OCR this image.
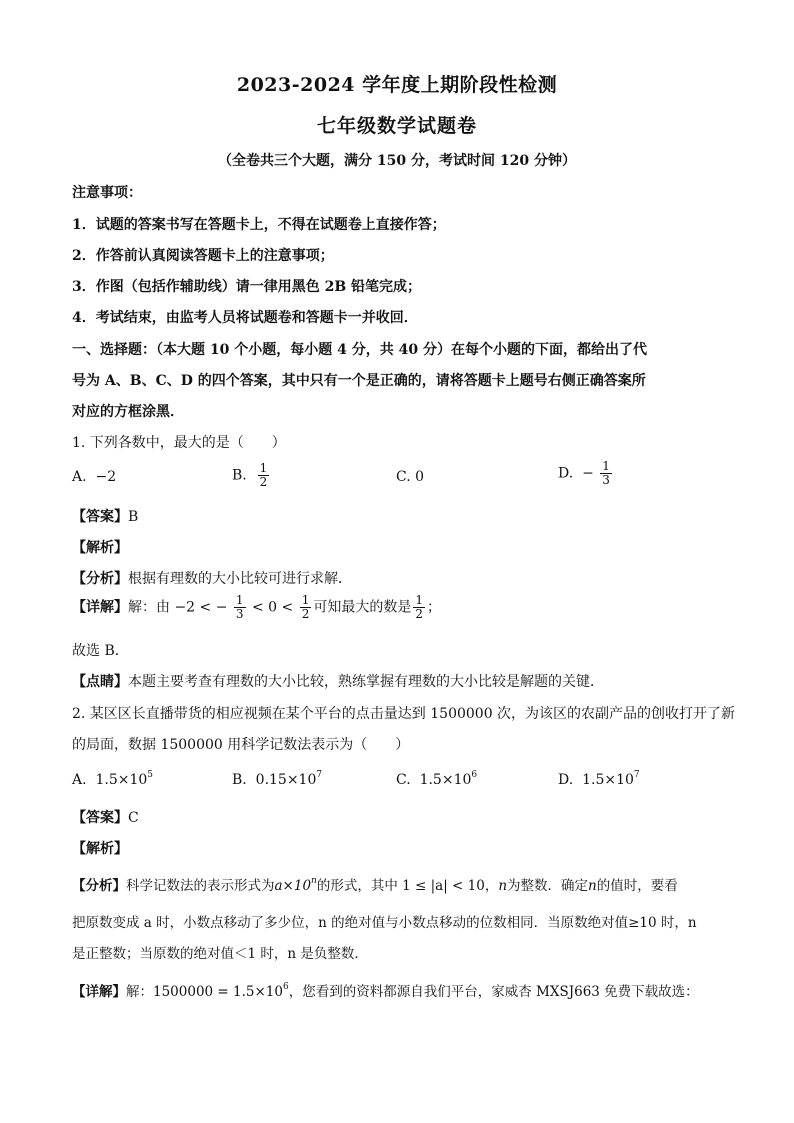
2023-2024 学年度上期阶段性检测
七年级数学试题卷
（全卷共三个大题，满分 150 分，考试时间 120 分钟）
注意事项：
1．试题的答案书写在答题卡上，不得在试题卷上直接作答；
2．作答前认真阅读答题卡上的注意事项；
3．作图（包括作辅助线）请一律用黑色 2B 铅笔完成；
4．考试结束，由监考人员将试题卷和答题卡一并收回．
一、选择题：（本大题 10 个小题，每小题 4 分，共 40 分）在每个小题的下面，都给出了代
号为 A、B、C、D 的四个答案，其中只有一个是正确的，请将答题卡上题号右侧正确答案所
对应的方框涂黑．
1. 下列各数中，最大的是（　　）
A. −2	B. $\frac{1}{2}$	C. 0	D. − $\frac{1}{3}$
【答案】B
【解析】
【分析】根据有理数的大小比较可进行求解．
【详解】解：由 −2 < − $\frac{1}{3} < 0 < \frac{1}{2}$ 可知最大的数是 $\frac{1}{2}$ ；
故选 B．
【点睛】本题主要考查有理数的大小比较，熟练掌握有理数的大小比较是解题的关键．
2. 某区区长直播带货的相应视频在某个平台的点击量达到 1500000 次，为该区的农副产品的创收打开了新
的局面，数据 1500000 用科学记数法表示为（　　）
A. $1.5\times 10^5$	B. $0.15\times 10^7$	C. $1.5\times 10^6$	D. $1.5\times 10^7$
【答案】C
【解析】
【分析】科学记数法的表示形式为$a\times 10^n$的形式，其中 1 ≤ |a| < 10，n为整数．确定n的值时，要看
把原数变成 a 时，小数点移动了多少位，n 的绝对值与小数点移动的位数相同．当原数绝对值≥10 时，n
是正整数；当原数的绝对值＜1 时，n 是负整数．
【详解】解：$1500000 = 1.5\times 10^6$，您看到的资料都源自我们平台，家威杏 MXSJ663 免费下载故选：
